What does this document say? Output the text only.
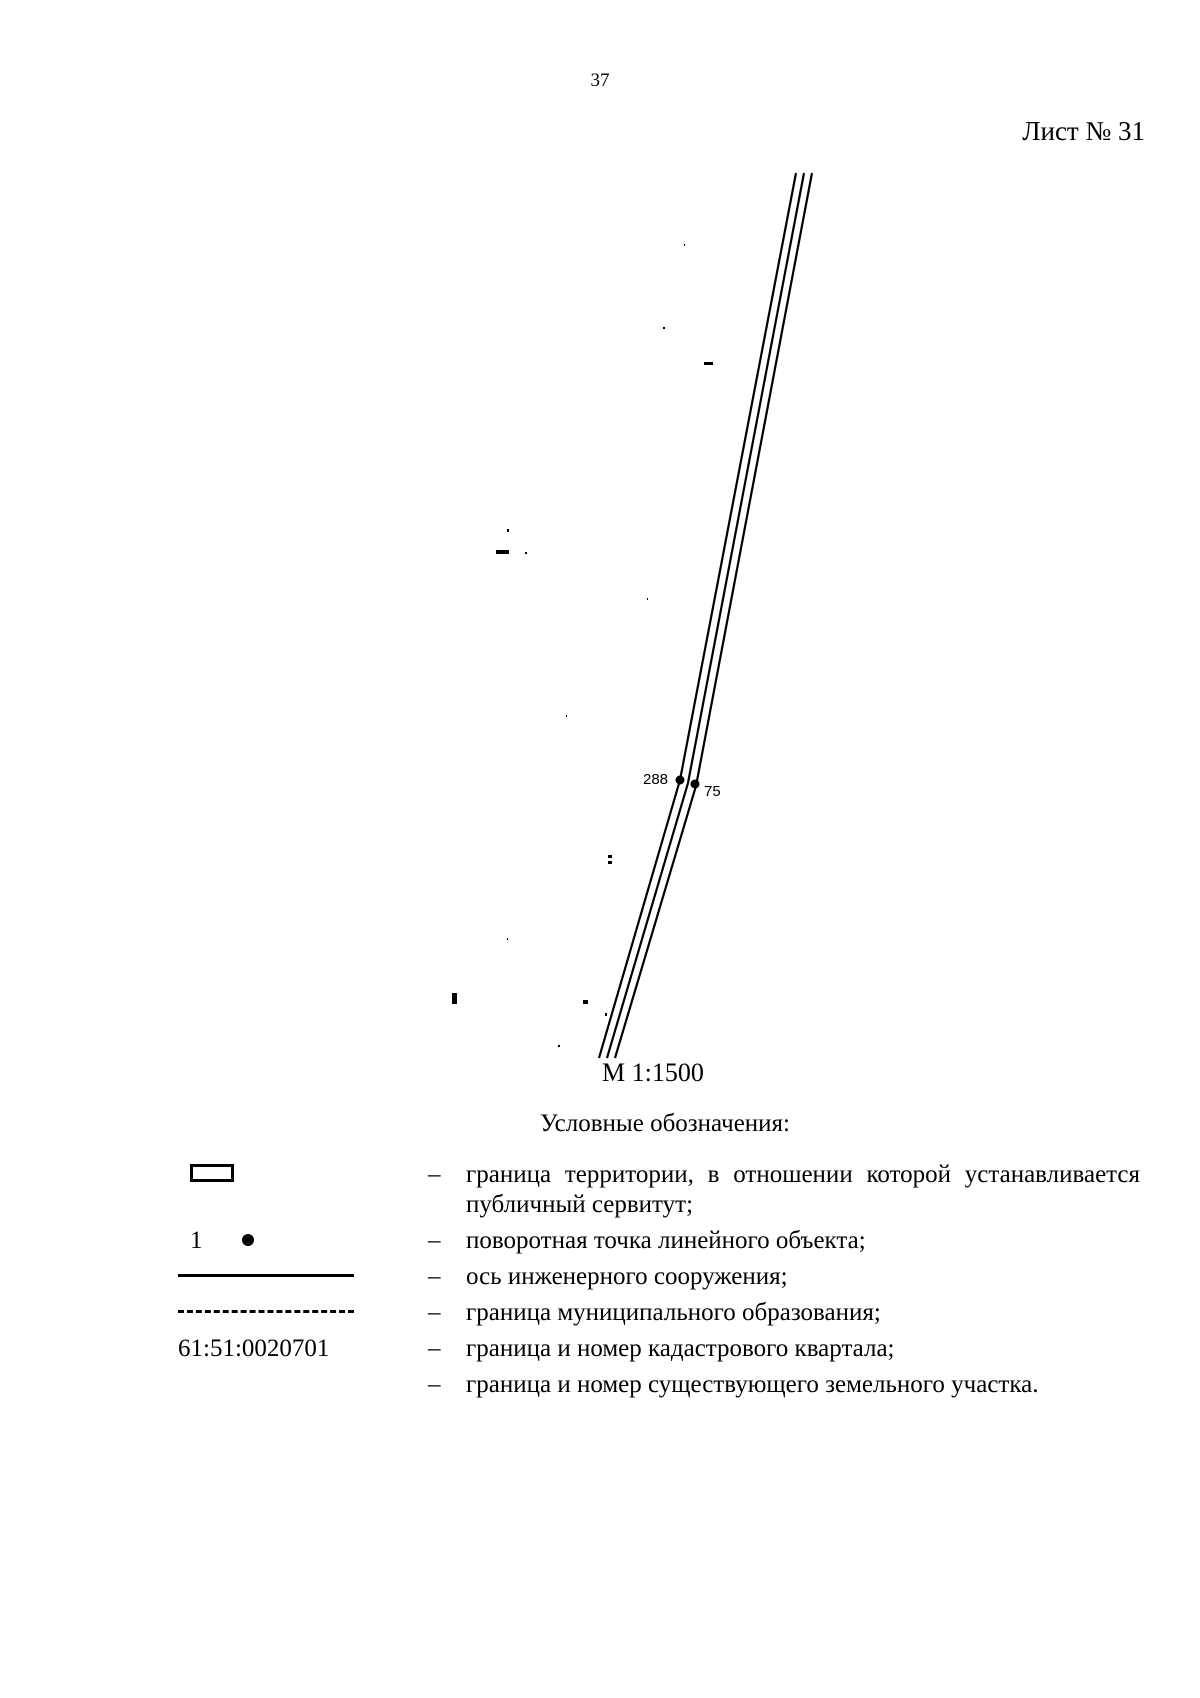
37
Лист № 31
288
75
М 1:1500
Условные обозначения:
–	граница территории, в отношении которой устанавливается публичный сервитут;
1	–	поворотная точка линейного объекта;
–	ось инженерного сооружения;
–	граница муниципального образования;
61:51:0020701	–	граница и номер кадастрового квартала;
–	граница и номер существующего земельного участка.
